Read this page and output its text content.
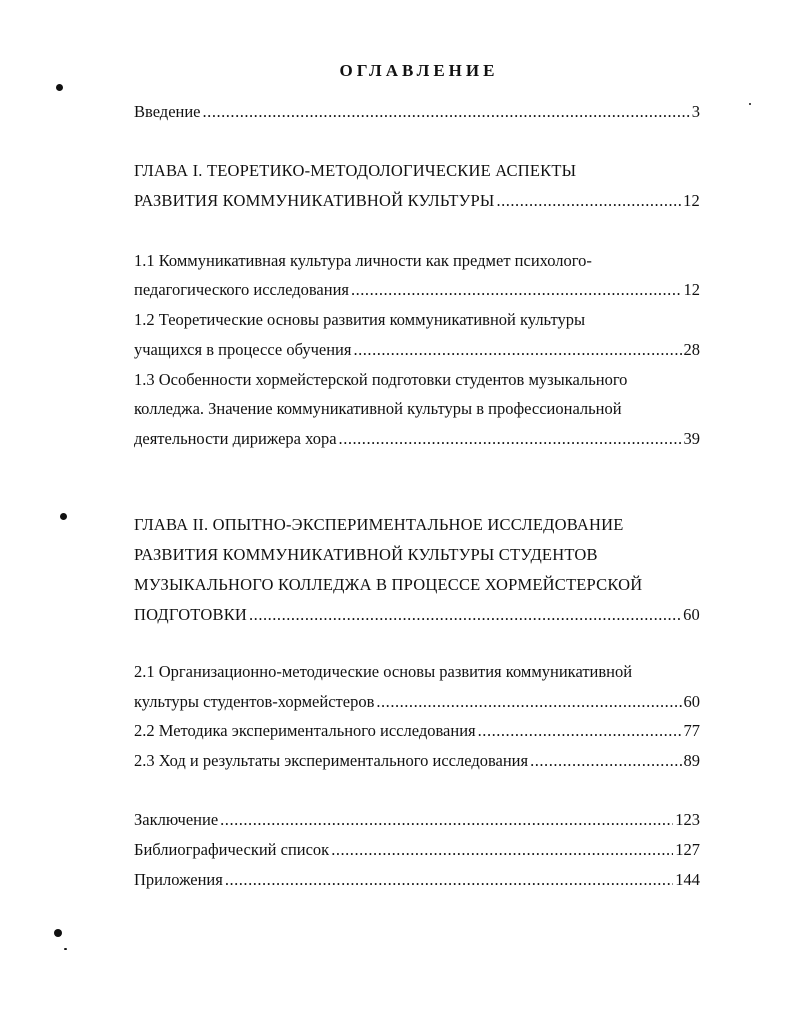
ОГЛАВЛЕНИЕ
Введение . . .	3
ГЛАВА I. ТЕОРЕТИКО-МЕТОДОЛОГИЧЕСКИЕ АСПЕКТЫ
РАЗВИТИЯ КОММУНИКАТИВНОЙ КУЛЬТУРЫ . . .	12
1.1 Коммуникативная культура личности как предмет психолого-
педагогического исследования . . .	12
1.2 Теоретические основы развития коммуникативной культуры
учащихся в процессе обучения . . .	28
1.3 Особенности хормейстерской подготовки студентов музыкального
колледжа. Значение коммуникативной культуры в профессиональной
деятельности дирижера хора . . .	39
ГЛАВА II. ОПЫТНО-ЭКСПЕРИМЕНТАЛЬНОЕ ИССЛЕДОВАНИЕ
РАЗВИТИЯ КОММУНИКАТИВНОЙ КУЛЬТУРЫ СТУДЕНТОВ
МУЗЫКАЛЬНОГО КОЛЛЕДЖА В ПРОЦЕССЕ ХОРМЕЙСТЕРСКОЙ
ПОДГОТОВКИ . . .	60
2.1 Организационно-методические основы развития коммуникативной
культуры студентов-хормейстеров . . .	60
2.2 Методика экспериментального исследования . . .	77
2.3 Ход и результаты экспериментального исследования . . .	89
Заключение . . .	123
Библиографический список . . .	127
Приложения . . .	144
